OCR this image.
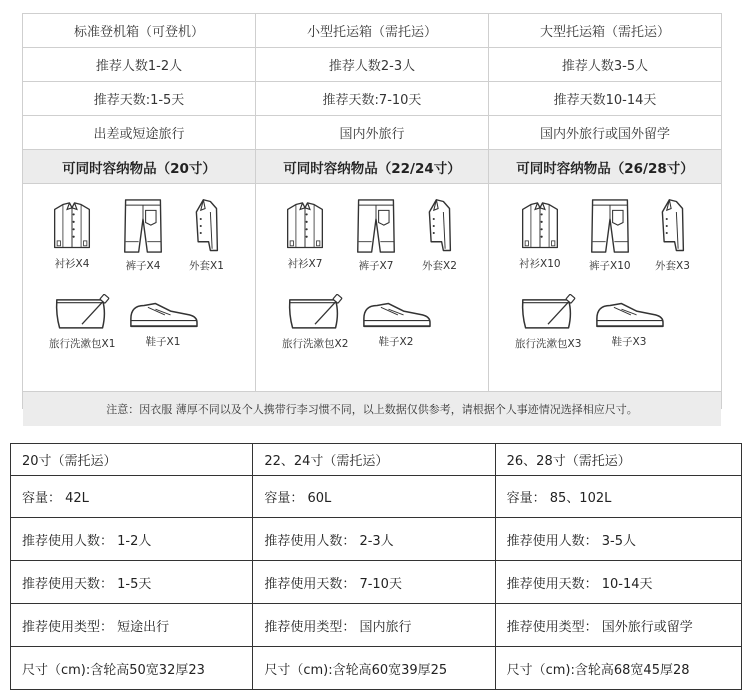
标准登机箱（可登机）	小型托运箱（需托运）	大型托运箱（需托运）
推荐人数1-2人	推荐人数2-3人	推荐人数3-5人
推荐天数:1-5天	推荐天数:7-10天	推荐天数10-14天
出差或短途旅行	国内外旅行	国内外旅行或国外留学
可同时容纳物品（20寸）	可同时容纳物品（22/24寸）	可同时容纳物品（26/28寸）
衬衫X4	裤子X4	外套X1
旅行洗漱包X1	鞋子X1
衬衫X7	裤子X7	外套X2
旅行洗漱包X2	鞋子X2
衬衫X10	裤子X10 外套X3
旅行洗漱包X3	鞋子X3
注意：因衣服 薄厚不同以及个人携带行李习惯不同，以上数据仅供参考，请根据个人事迹情况选择相应尺寸。
20寸（需托运）	22、24寸（需托运）	26、28寸（需托运）
容量： 42L	容量： 60L	容量： 85、102L
推荐使用人数： 1-2人	推荐使用人数： 2-3人	推荐使用人数： 3-5人
推荐使用天数： 1-5天	推荐使用天数： 7-10天	推荐使用天数： 10-14天
推荐使用类型： 短途出行	推荐使用类型： 国内旅行	推荐使用类型： 国外旅行或留学
尺寸（cm):含轮高50宽32厚23	尺寸（cm):含轮高60宽39厚25	尺寸（cm):含轮高68宽45厚28
